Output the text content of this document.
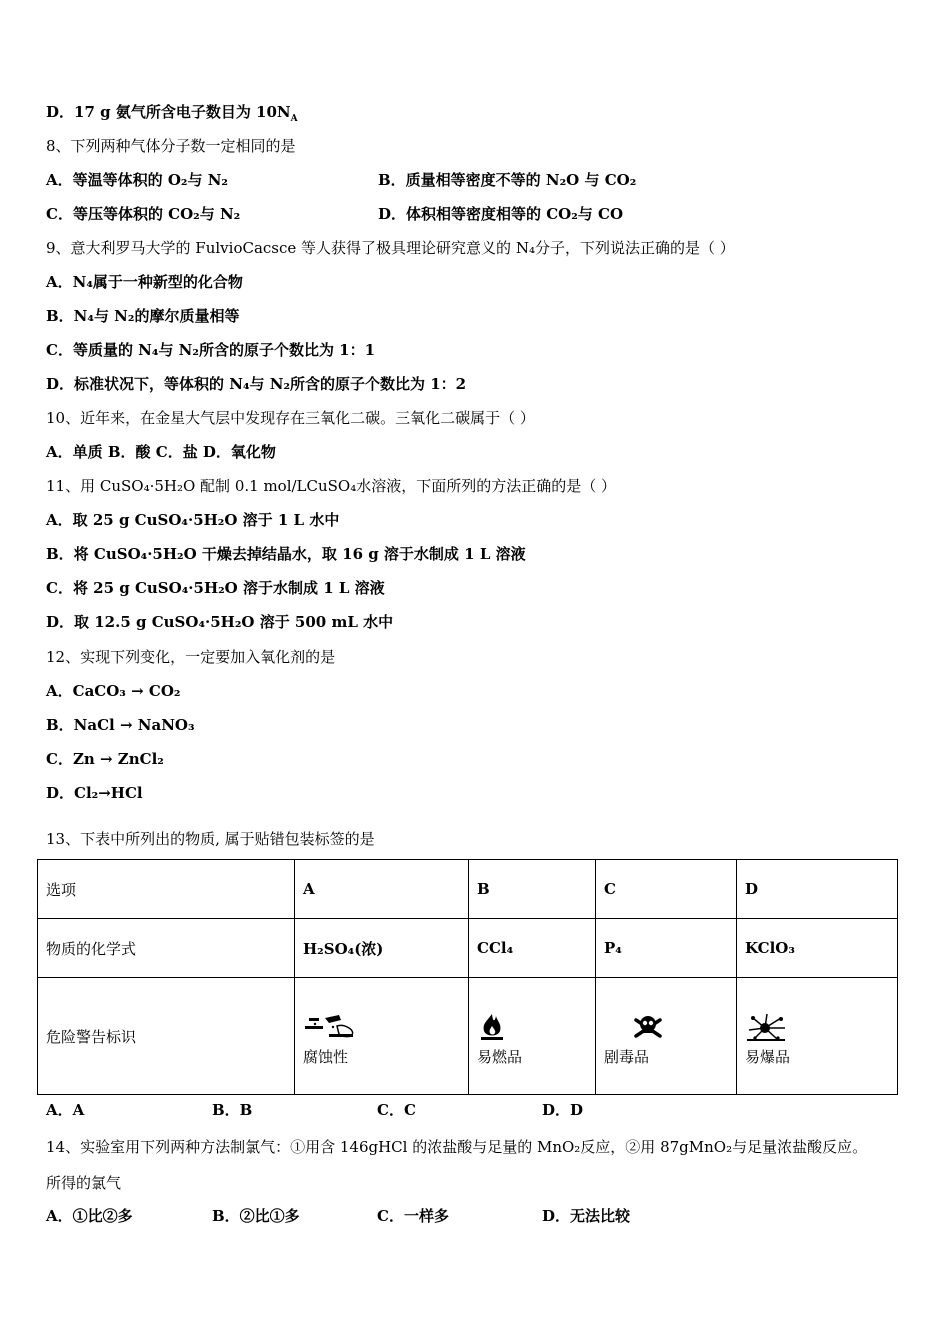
D．17 g 氨气所含电子数目为 $10N_A$
8、下列两种气体分子数一定相同的是
A．等温等体积的 O₂与 N₂	B．质量相等密度不等的 N₂O 与 CO₂
C．等压等体积的 CO₂与 N₂	D．体积相等密度相等的 CO₂与 CO
9、意大利罗马大学的 FulvioCacsce 等人获得了极具理论研究意义的 N₄分子，下列说法正确的是（ ）
A．N₄属于一种新型的化合物
B．N₄与 N₂的摩尔质量相等
C．等质量的 N₄与 N₂所含的原子个数比为 1：1
D．标准状况下，等体积的 N₄与 N₂所含的原子个数比为 1：2
10、近年来，在金星大气层中发现存在三氧化二碳。三氧化二碳属于（ ）
A．单质 B．酸 C．盐 D．氧化物
11、用 CuSO₄·5H₂O 配制 0.1 mol/LCuSO₄水溶液，下面所列的方法正确的是（ ）
A．取 25 g CuSO₄·5H₂O 溶于 1 L 水中
B．将 CuSO₄·5H₂O 干燥去掉结晶水，取 16 g 溶于水制成 1 L 溶液
C．将 25 g CuSO₄·5H₂O 溶于水制成 1 L 溶液
D．取 12.5 g CuSO₄·5H₂O 溶于 500 mL 水中
12、实现下列变化，一定要加入氧化剂的是
A．CaCO₃ → CO₂
B．NaCl → NaNO₃
C．Zn → ZnCl₂
D．Cl₂→HCl
13、下表中所列出的物质, 属于贴错包装标签的是
选项	A	B	C	D
物质的化学式	H₂SO₄(浓)	CCl₄	P₄	KClO₃
危险警告标识	腐蚀性	易燃品	剧毒品	易爆品
A．A	B．B	C．C	D．D
14、实验室用下列两种方法制氯气：①用含 146gHCl 的浓盐酸与足量的 MnO₂反应，②用 87gMnO₂与足量浓盐酸反应。
所得的氯气
A．①比②多	B．②比①多	C．一样多	D．无法比较
